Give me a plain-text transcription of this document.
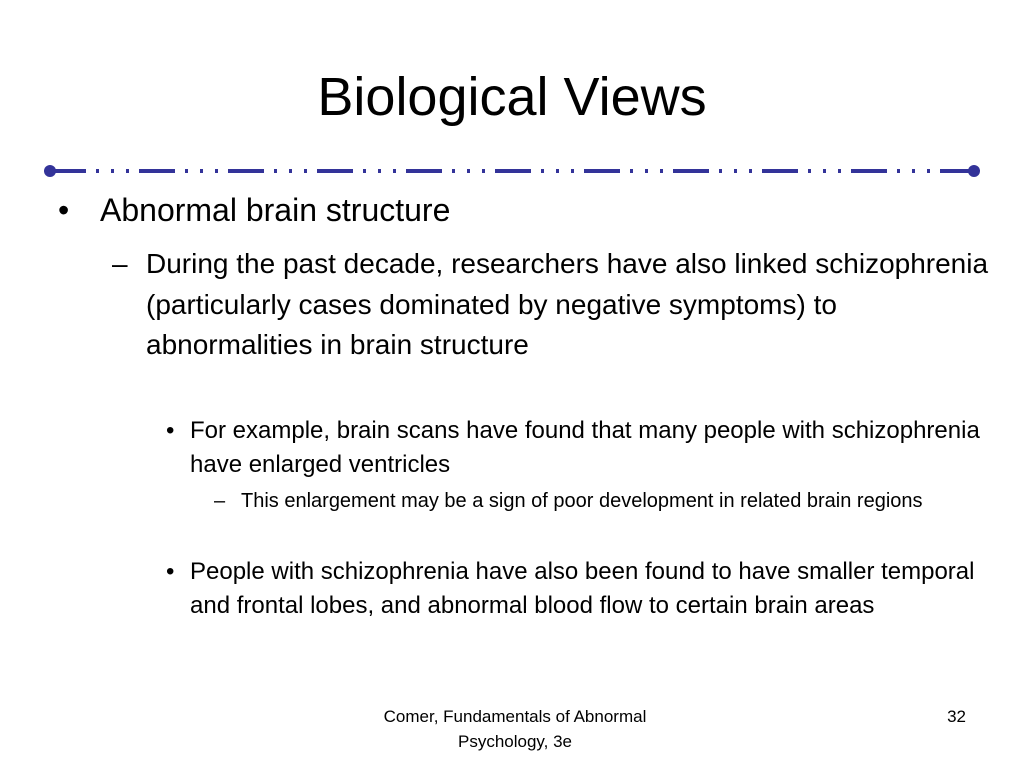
Biological Views
• Abnormal brain structure
– During the past decade, researchers have also linked schizophrenia (particularly cases dominated by negative symptoms) to abnormalities in brain structure
• For example, brain scans have found that many people with schizophrenia have enlarged ventricles
– This enlargement may be a sign of poor development in related brain regions
• People with schizophrenia have also been found to have smaller temporal and frontal lobes, and abnormal blood flow to certain brain areas
Comer, Fundamentals of Abnormal Psychology, 3e
32
